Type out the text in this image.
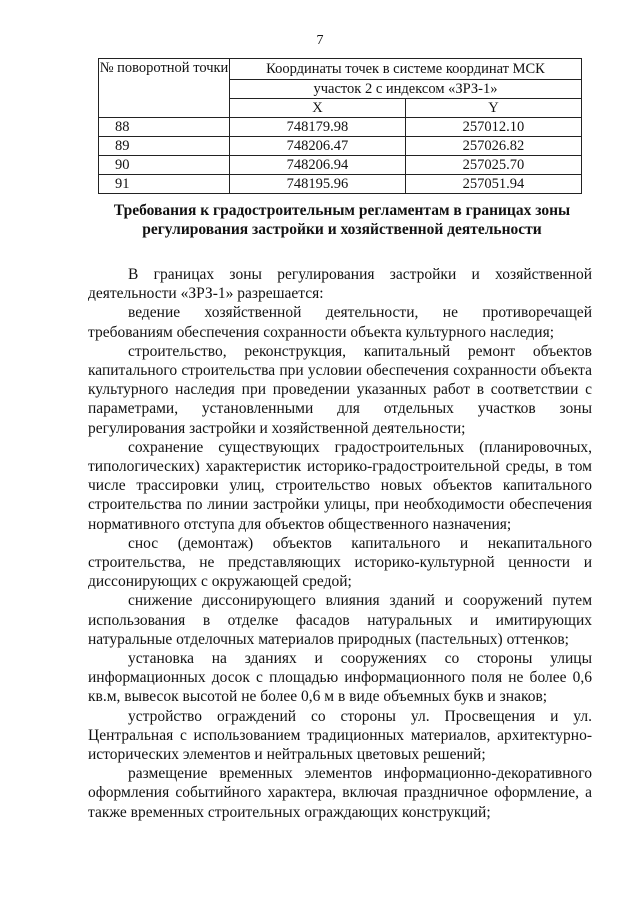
7
№ поворотной точки	Координаты точек в системе координат МСК	
	участок 2 с индексом «ЗРЗ-1»	
	X	Y
88	748179.98	257012.10
89	748206.47	257026.82
90	748206.94	257025.70
91	748195.96	257051.94
Требования к градостроительным регламентам в границах зоны регулирования застройки и хозяйственной деятельности

В границах зоны регулирования застройки и хозяйственной деятельности «ЗРЗ-1» разрешается:

ведение хозяйственной деятельности, не противоречащей требованиям обеспечения сохранности объекта культурного наследия;

строительство, реконструкция, капитальный ремонт объектов капитального строительства при условии обеспечения сохранности объекта культурного наследия при проведении указанных работ в соответствии с параметрами, установленными для отдельных участков зоны регулирования застройки и хозяйственной деятельности;

сохранение существующих градостроительных (планировочных, типологических) характеристик историко-градостроительной среды, в том числе трассировки улиц, строительство новых объектов капитального строительства по линии застройки улицы, при необходимости обеспечения нормативного отступа для объектов общественного назначения;

снос (демонтаж) объектов капитального и некапитального строительства, не представляющих историко-культурной ценности и диссонирующих с окружающей средой;

снижение диссонирующего влияния зданий и сооружений путем использования в отделке фасадов натуральных и имитирующих натуральные отделочных материалов природных (пастельных) оттенков;

установка на зданиях и сооружениях со стороны улицы информационных досок с площадью информационного поля не более 0,6 кв.м, вывесок высотой не более 0,6 м в виде объемных букв и знаков;

устройство ограждений со стороны ул. Просвещения и ул. Центральная с использованием традиционных материалов, архитектурно-исторических элементов и нейтральных цветовых решений;

размещение временных элементов информационно-декоративного оформления событийного характера, включая праздничное оформление, а также временных строительных ограждающих конструкций;
